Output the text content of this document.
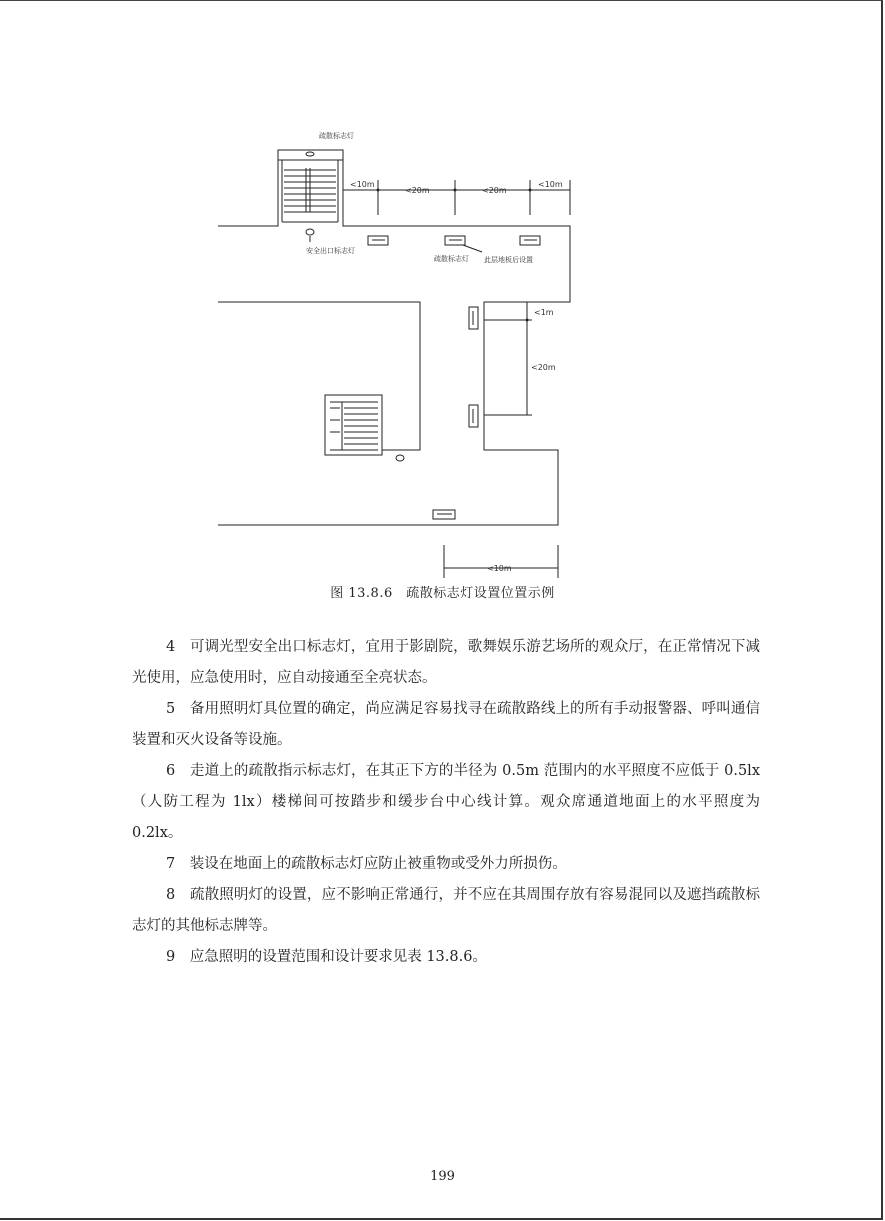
疏散标志灯
安全出口标志灯
疏散标志灯 此层地板后设置
<10m
<20m	<20m
<10m
<1m
<20m
<10m
图 13.8.6　疏散标志灯设置位置示例
4　可调光型安全出口标志灯，宜用于影剧院，歌舞娱乐游艺场所的观众厅，在正常情况下减光使用，应急使用时，应自动接通至全亮状态。
5　备用照明灯具位置的确定，尚应满足容易找寻在疏散路线上的所有手动报警器、呼叫通信装置和灭火设备等设施。
6　走道上的疏散指示标志灯，在其正下方的半径为 0.5m 范围内的水平照度不应低于 0.5lx（人防工程为 1lx）楼梯间可按踏步和缓步台中心线计算。观众席通道地面上的水平照度为 0.2lx。
7　装设在地面上的疏散标志灯应防止被重物或受外力所损伤。
8　疏散照明灯的设置，应不影响正常通行，并不应在其周围存放有容易混同以及遮挡疏散标志灯的其他标志牌等。
9　应急照明的设置范围和设计要求见表 13.8.6。
199
